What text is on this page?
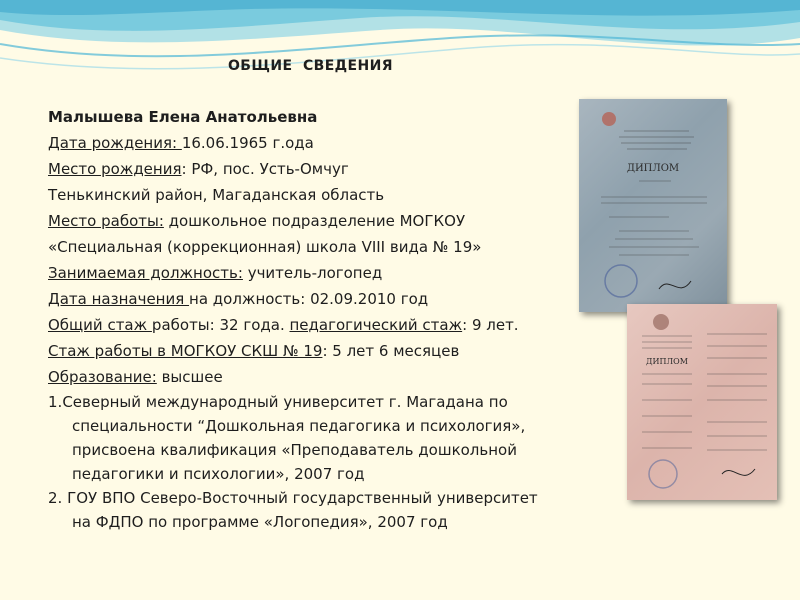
ОБЩИЕ  СВЕДЕНИЯ
Малышева Елена Анатольевна
Дата рождения: 16.06.1965 г.ода
Место рождения: РФ, пос. Усть-Омчуг
Тенькинский район, Магаданская область
Место работы: дошкольное подразделение МОГКОУ
«Специальная (коррекционная) школа VIII вида № 19»
Занимаемая должность: учитель-логопед
Дата назначения на должность: 02.09.2010 год
Общий стаж работы: 32 года. педагогический стаж: 9 лет.
Стаж работы в МОГКОУ СКШ № 19: 5 лет 6 месяцев
Образование: высшее
1.Северный международный университет г. Магадана по
специальности “Дошкольная педагогика и психология», присвоена квалификация «Преподаватель дошкольной педагогики и психологии», 2007 год
2. ГОУ ВПО Северо-Восточный государственный университет
на ФДПО по программе «Логопедия», 2007 год
ДИПЛОМ
ДИПЛОМ
